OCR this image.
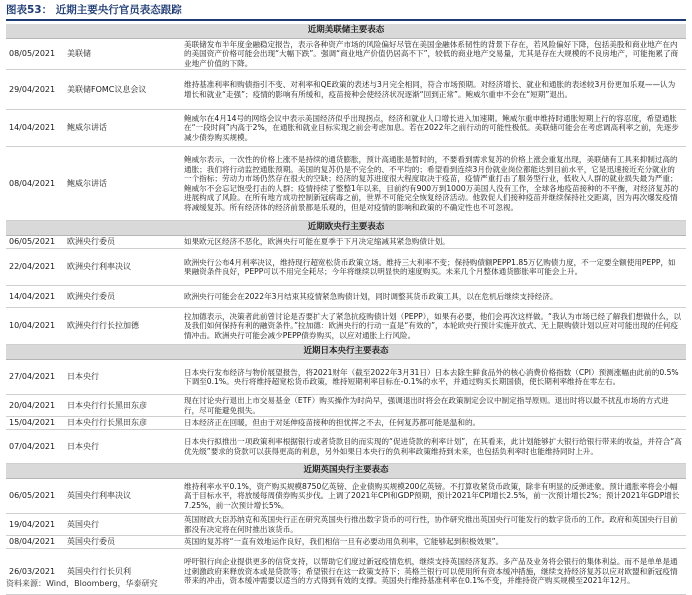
图表53： 近期主要央行官员表态跟踪
近期美联储主要表态		
08/05/2021	美联储	美联储发布半年度金融稳定报告，表示各种资产市场的风险偏好尽管在美国金融体系韧性的背景下存在，若风险偏好下降，包括美股和商业地产在内的美国资产价格可能会出现“大幅下跌”。强调“商业地产价值仍居高不下”，较低的商业地产交易量，尤其是存在大规模的不良房地产，可能拖累了商业地产价值的下降。
29/04/2021	美联储FOMC议息会议	维持基准利率和购债指引不变、对利率和QE政策的表述与3月完全相同，符合市场预期。对经济增长、就业和通胀的表述较3月份更加乐观——认为增长和就业“走强”；疫情的影响有所缓和，疫苗接种会使经济状况逐渐“回到正常”。鲍威尔重申不会在“短期”退出。
14/04/2021	鲍威尔讲话	鲍威尔在4月14号的网络会议中表示美国经济似乎出现拐点，经济和就业人口增长进入加速期。鲍威尔重申维持时通胀短期上行的容忍度，希望通胀在“一段时间”内高于2%，在通胀和就业目标实现之前会考虑加息。若在2022年之前行动的可能性极低。美联储可能会在考虑调高利率之前，先逐步减少债券购买规模。
08/04/2021	鲍威尔讲话	鲍威尔表示，一次性的价格上涨不是持续的通货膨胀，预计高通胀是暂时的，不要看到需求复苏的价格上涨会重复出现，美联储有工具来抑制过高的通胀；我们将行动监控通胀预期。美国的复苏仍是不完全的、不平均的；希望看到连续3月份就业岗位都能达到目前水平，它是迅速接近充分就业的一个指标；劳动力市场仍然存在很大的空缺；经济的复苏进度很大程度取决于疫苗，疫情严重打击了服务型行业，低收入人群的就业损失最为严重；鲍威尔不会忘记饱受打击的人群；疫情持续了整整1年以来，目前约有900万到1000万美国人没有工作，全球各地疫苗接种的不平衡，对经济复苏的进展构成了风险。在所有地方成功控制新冠病毒之前，世界不可能完全恢复经济活动。他敦促人们接种疫苗并继续保持社交距离，因为再次爆发疫情将减缓复苏。所有经济体的经济前景都是乐观的，但是对疫情的影响和政策的不确定性也不可忽视。
近期欧央行主要表态		
06/05/2021	欧洲央行委员	如果欧元区经济不恶化，欧洲央行可能在夏季于下月决定缩减其紧急购债计划。
22/04/2021	欧洲央行利率决议	欧洲央行公布4月利率决议，维持现行超宽松货币政策立场。维持三大利率不变；保持购债额PEPP1.85万亿购债力度，不一定要全额使用PEPP，如果融资条件良好，PEPP可以不用完全耗尽；今年将继续以明显快的速度购买。未来几个月整体通货膨胀率可能会上升。
14/04/2021	欧洲央行委员	欧洲央行可能会在2022年3月结束其疫情紧急购债计划，同时调整其货币政策工具，以在危机后继续支持经济。
10/04/2021	欧洲央行行长拉加德	拉加德表示，决策者此前曾讨论是否要扩大了紧急抗疫购债计划（PEPP），如果有必要，他们会再次这样做。“我认为市场已经了解我们想做什么，以及我们如何保持有利的融资条件。”拉加德：欧洲央行的行动一直是“有效的”，本轮欧央行预计实施开放式、无上限购债计划以应对可能出现的任何疫情冲击。欧洲央行可能会减少PEPP债券购买，以应对通胀上行风险。
近期日本央行主要表态		
27/04/2021	日本央行	日本央行发布经济与物价展望报告，将2021财年（截至2022年3月31日）日本去除生鲜食品外的核心消费价格指数（CPI）预测涨幅由此前的0.5%下调至0.1%。央行将维持超宽松货币政策，维持短期利率目标在-0.1%的水平，并通过购买长期国债，使长期利率维持在零左右。
20/04/2021	日本央行行长黑田东彦	现在讨论央行退出上市交易基金（ETF）购买操作为时尚早，强调退出时将会在政策制定会议中制定指导原则。退出时将以最不扰乱市场的方式进行，尽可能避免损失。
15/04/2021	日本央行行长黑田东彦	日本经济正在回暖，但由于对延伸疫苗接种的担忧挥之不去，任何复苏都可能是温和的。
07/04/2021	日本央行	日本央行拟推出一项政策利率根据银行或者贷款目的而实现的“促进贷款的利率计划”，在其看来，此计划能够扩大银行给银行带来的收益，并符合“高优先级”要求的贷款可以获得更高的利息，另外如果日本央行的负利率政策维持到未来，也包括负利率时也能维持同时上升。
近期英国央行主要表态		
06/05/2021	英国央行利率决议	维持利率水平0.1%，资产购买规模8750亿英镑、企业债购买规模200亿英镑。不打算收紧货币政策，除非有明显的反弹迹象。预计通胀率将会小幅高于目标水平，将放缓每周债券购买步伐。上调了2021年CPI和GDP预期，预计2021年CPI增长2.5%，前一次预计增长2%；预计2021年GDP增长7.25%，前一次预计增长5%。
19/04/2021	英国央行	英国财政大臣苏纳克和英国央行正在研究英国央行推出数字货币的可行性，协作研究推出英国央行可能发行的数字货币的工作。政府和英国央行目前都没有决定将在何时推出该货币。
08/04/2021	英国央行委员	英国的复苏将“一直有效地运作良好，我们相信一旦有必要动用负利率，它能够起到积极效果”。
26/03/2021	英国央行行长贝利	呼吁银行向企业提供更多的信贷支持，以帮助它们度过新冠疫情危机，继续支持英国经济复苏。多产品及业务将会银行的集体利益。而不是单单是通过刺激政府来释放资本或是贷款等；希望银行在这一政策支持下；英格兰银行可以使用所有资本缓冲措施，继续支持经济复苏以应对欧盟和新冠疫情带来的冲击，资本缓冲需要以适当的方式得到有效的支撑。英国央行维持基准利率在0.1%不变，并维持资产购买规模至2021年12月。
资料来源：Wind，Bloomberg，华泰研究
